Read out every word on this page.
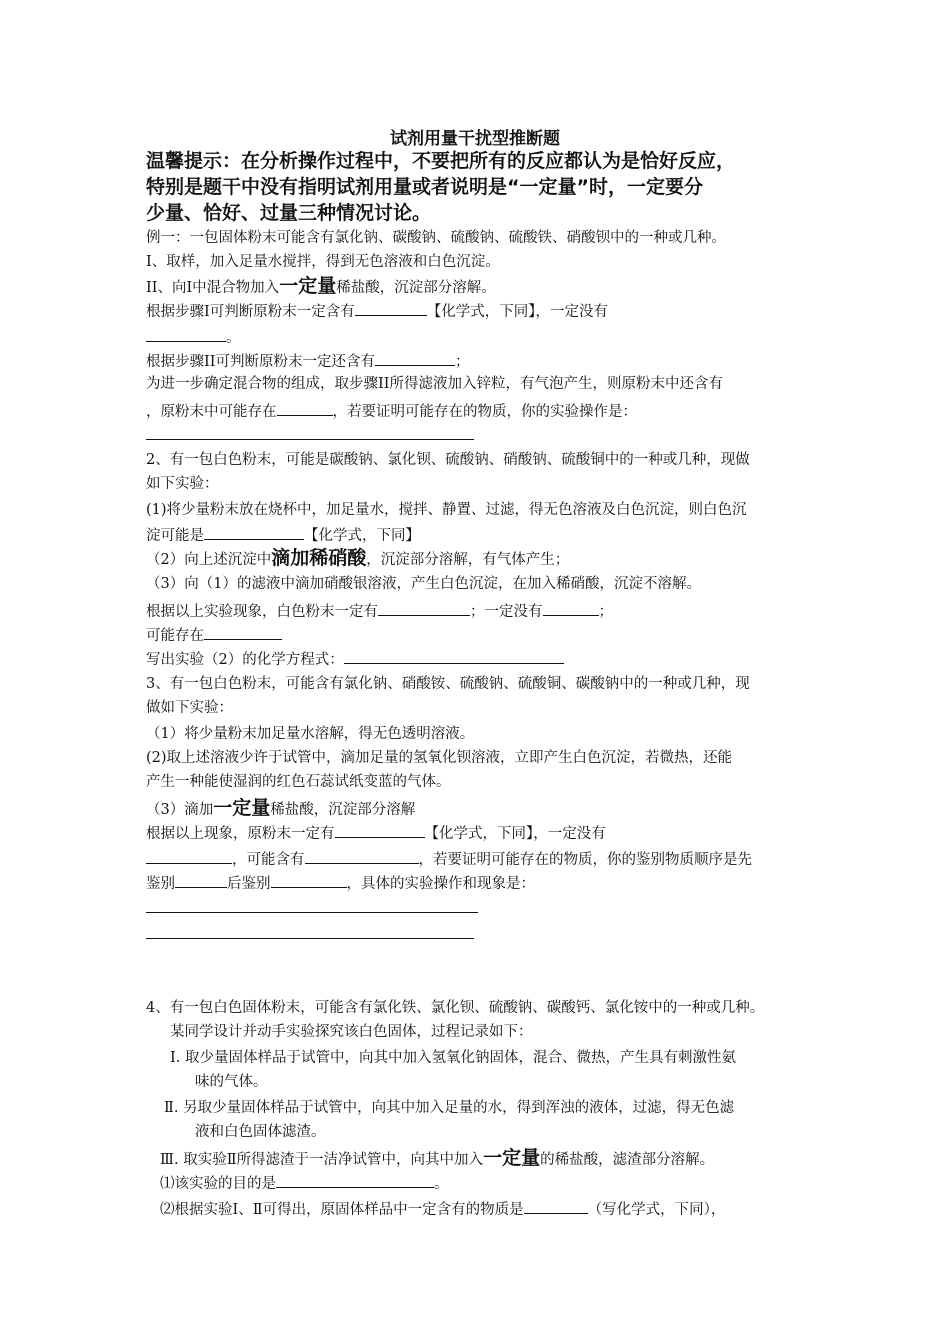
试剂用量干扰型推断题
温馨提示：在分析操作过程中，不要把所有的反应都认为是恰好反应，
特别是题干中没有指明试剂用量或者说明是“一定量”时，一定要分
少量、恰好、过量三种情况讨论。
例一：一包固体粉末可能含有氯化钠、碳酸钠、硫酸钠、硫酸铁、硝酸钡中的一种或几种。
I、取样，加入足量水搅拌，得到无色溶液和白色沉淀。
II、向I中混合物加入一定量稀盐酸，沉淀部分溶解。
根据步骤I可判断原粉末一定含有	【化学式，下同】，一定没有
。
根据步骤II可判断原粉末一定还含有	；
为进一步确定混合物的组成，取步骤II所得滤液加入锌粒，有气泡产生，则原粉末中还含有
，原粉末中可能存在	，若要证明可能存在的物质，你的实验操作是：
2、有一包白色粉末，可能是碳酸钠、氯化钡、硫酸钠、硝酸钠、硫酸铜中的一种或几种，现做
如下实验：
(1)将少量粉末放在烧杯中，加足量水，搅拌、静置、过滤，得无色溶液及白色沉淀，则白色沉
淀可能是	【化学式，下同】
（2）向上述沉淀中滴加稀硝酸，沉淀部分溶解，有气体产生；
（3）向（1）的滤液中滴加硝酸银溶液，产生白色沉淀，在加入稀硝酸，沉淀不溶解。
根据以上实验现象，白色粉末一定有	；一定没有	；
可能存在
写出实验（2）的化学方程式：
3、有一包白色粉末，可能含有氯化钠、硝酸铵、硫酸钠、硫酸铜、碳酸钠中的一种或几种，现
做如下实验：
（1）将少量粉末加足量水溶解，得无色透明溶液。
(2)取上述溶液少许于试管中，滴加足量的氢氧化钡溶液，立即产生白色沉淀，若微热，还能
产生一种能使湿润的红色石蕊试纸变蓝的气体。
（3）滴加一定量稀盐酸，沉淀部分溶解
根据以上现象，原粉末一定有	【化学式，下同】，一定没有
，可能含有	，若要证明可能存在的物质，你的鉴别物质顺序是先
鉴别	后鉴别	，具体的实验操作和现象是：
4、有一包白色固体粉末，可能含有氯化铁、氯化钡、硫酸钠、碳酸钙、氯化铵中的一种或几种。
某同学设计并动手实验探究该白色固体，过程记录如下：
I. 取少量固体样品于试管中，向其中加入氢氧化钠固体，混合、微热，产生具有刺激性氨
味的气体。
Ⅱ. 另取少量固体样品于试管中，向其中加入足量的水，得到浑浊的液体，过滤，得无色滤
液和白色固体滤渣。
Ⅲ. 取实验Ⅱ所得滤渣于一洁净试管中，向其中加入一定量的稀盐酸，滤渣部分溶解。
⑴该实验的目的是	。
⑵根据实验Ⅰ、Ⅱ可得出，原固体样品中一定含有的物质是	（写化学式，下同），
